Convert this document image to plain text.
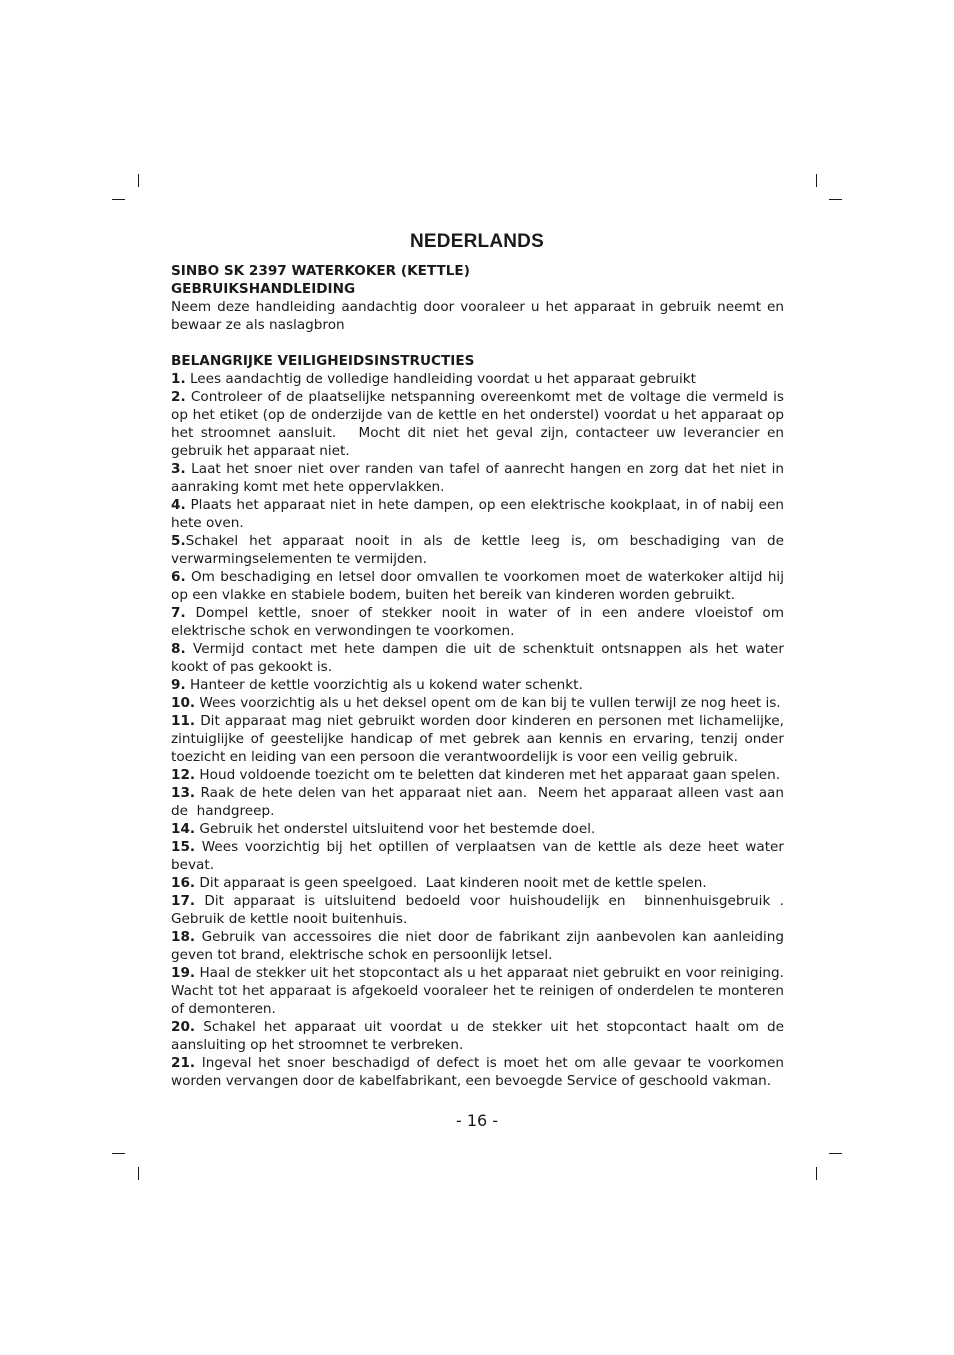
NEDERLANDS

SINBO SK 2397 WATERKOKER (KETTLE)

GEBRUIKSHANDLEIDING

Neem deze handleiding aandachtig door vooraleer u het apparaat in gebruik neemt en bewaar ze als naslagbron

BELANGRIJKE VEILIGHEIDSINSTRUCTIES

1. Lees aandachtig de volledige handleiding voordat u het apparaat gebruikt

2. Controleer of de plaatselijke netspanning overeenkomt met de voltage die vermeld is op het etiket (op de onderzijde van de kettle en het onderstel) voordat u het apparaat op het stroomnet aansluit.   Mocht dit niet het geval zijn, contacteer uw leverancier en gebruik het apparaat niet.

3. Laat het snoer niet over randen van tafel of aanrecht hangen en zorg dat het niet in aanraking komt met hete oppervlakken.

4. Plaats het apparaat niet in hete dampen, op een elektrische kookplaat, in of nabij een hete oven.

5.Schakel het apparaat nooit in als de kettle leeg is, om beschadiging van de verwarmingselementen te vermijden.

6. Om beschadiging en letsel door omvallen te voorkomen moet de waterkoker altijd hij op een vlakke en stabiele bodem, buiten het bereik van kinderen worden gebruikt.

7. Dompel kettle, snoer of stekker nooit in water of in een andere vloeistof om elektrische schok en verwondingen te voorkomen.

8. Vermijd contact met hete dampen die uit de schenktuit ontsnappen als het water kookt of pas gekookt is.

9. Hanteer de kettle voorzichtig als u kokend water schenkt.

10. Wees voorzichtig als u het deksel opent om de kan bij te vullen terwijl ze nog heet is.

11. Dit apparaat mag niet gebruikt worden door kinderen en personen met lichamelijke, zintuiglijke of geestelijke handicap of met gebrek aan kennis en ervaring, tenzij onder toezicht en leiding van een persoon die verantwoordelijk is voor een veilig gebruik.

12. Houd voldoende toezicht om te beletten dat kinderen met het apparaat gaan spelen.

13. Raak de hete delen van het apparaat niet aan.  Neem het apparaat alleen vast aan de  handgreep.

14. Gebruik het onderstel uitsluitend voor het bestemde doel.

15. Wees voorzichtig bij het optillen of verplaatsen van de kettle als deze heet water bevat.

16. Dit apparaat is geen speelgoed.  Laat kinderen nooit met de kettle spelen.

17. Dit apparaat is uitsluitend bedoeld voor huishoudelijk en  binnenhuisgebruik . Gebruik de kettle nooit buitenhuis.

18. Gebruik van accessoires die niet door de fabrikant zijn aanbevolen kan aanleiding geven tot brand, elektrische schok en persoonlijk letsel.

19. Haal de stekker uit het stopcontact als u het apparaat niet gebruikt en voor reiniging. Wacht tot het apparaat is afgekoeld vooraleer het te reinigen of onderdelen te monteren of demonteren.

20. Schakel het apparaat uit voordat u de stekker uit het stopcontact haalt om de aansluiting op het stroomnet te verbreken.

21. Ingeval het snoer beschadigd of defect is moet het om alle gevaar te voorkomen worden vervangen door de kabelfabrikant, een bevoegde Service of geschoold vakman.

- 16 -
